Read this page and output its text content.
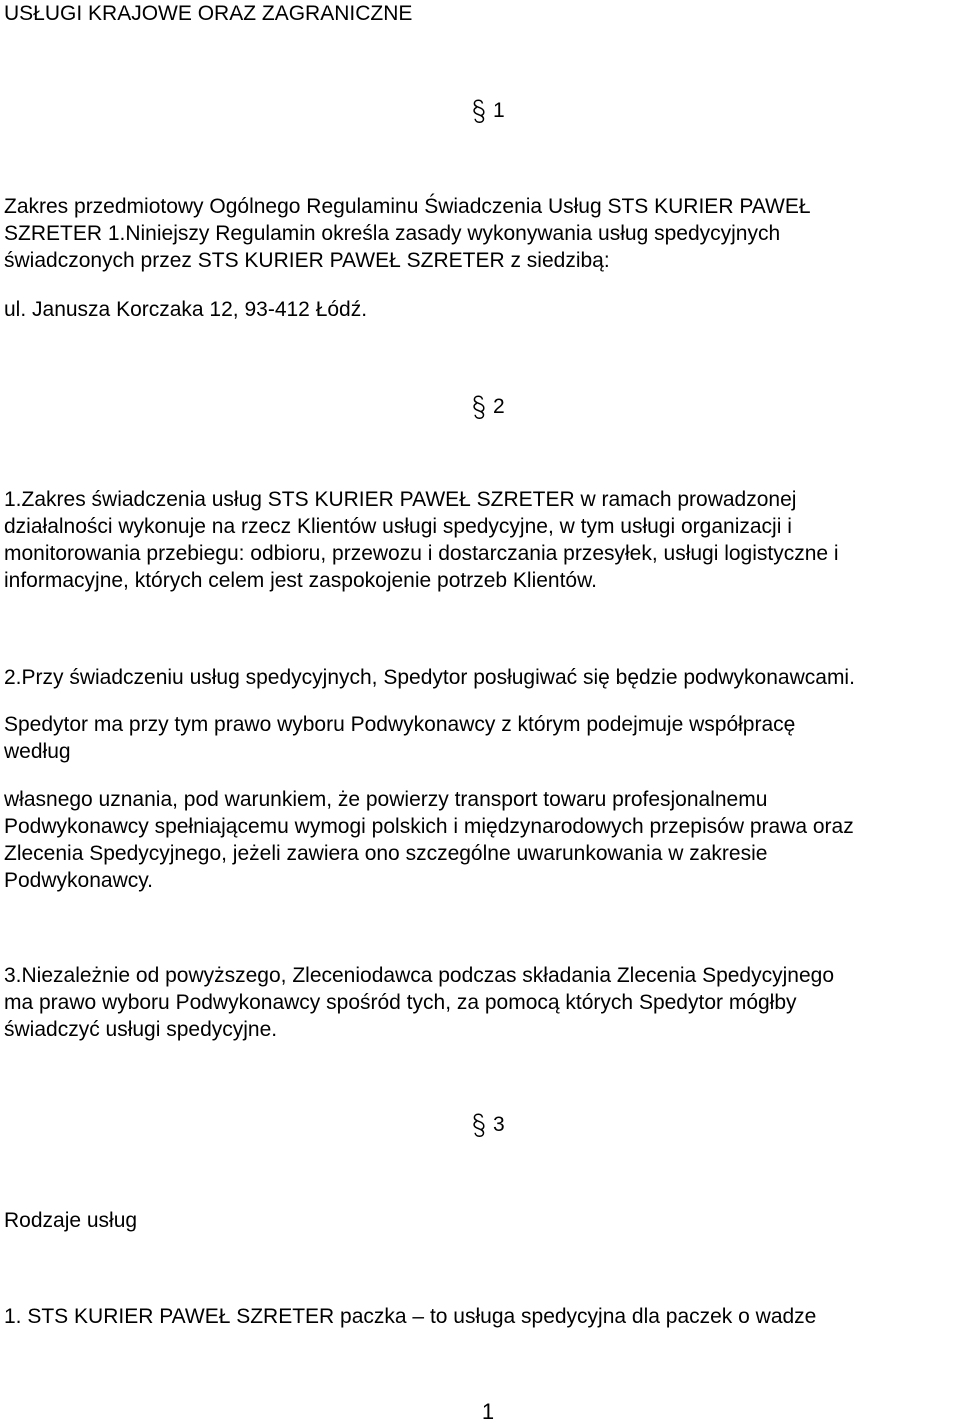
USŁUGI KRAJOWE ORAZ ZAGRANICZNE
1
Zakres przedmiotowy Ogólnego Regulaminu Świadczenia Usług STS KURIER PAWEŁ
SZRETER 1.Niniejszy Regulamin określa zasady wykonywania usług spedycyjnych
świadczonych przez STS KURIER PAWEŁ SZRETER z siedzibą:
ul. Janusza Korczaka 12, 93-412 Łódź.
2
1.Zakres świadczenia usług STS KURIER PAWEŁ SZRETER w ramach prowadzonej
działalności wykonuje na rzecz Klientów usługi spedycyjne, w tym usługi organizacji i
monitorowania przebiegu: odbioru, przewozu i dostarczania przesyłek, usługi logistyczne i
informacyjne, których celem jest zaspokojenie potrzeb Klientów.
2.Przy świadczeniu usług spedycyjnych, Spedytor posługiwać się będzie podwykonawcami.
Spedytor ma przy tym prawo wyboru Podwykonawcy z którym podejmuje współpracę
według
własnego uznania, pod warunkiem, że powierzy transport towaru profesjonalnemu
Podwykonawcy spełniającemu wymogi polskich i międzynarodowych przepisów prawa oraz
Zlecenia Spedycyjnego, jeżeli zawiera ono szczególne uwarunkowania w zakresie
Podwykonawcy.
3.Niezależnie od powyższego, Zleceniodawca podczas składania Zlecenia Spedycyjnego
ma prawo wyboru Podwykonawcy spośród tych, za pomocą których Spedytor mógłby
świadczyć usługi spedycyjne.
3
Rodzaje usług
1. STS KURIER PAWEŁ SZRETER paczka – to usługa spedycyjna dla paczek o wadze
1
